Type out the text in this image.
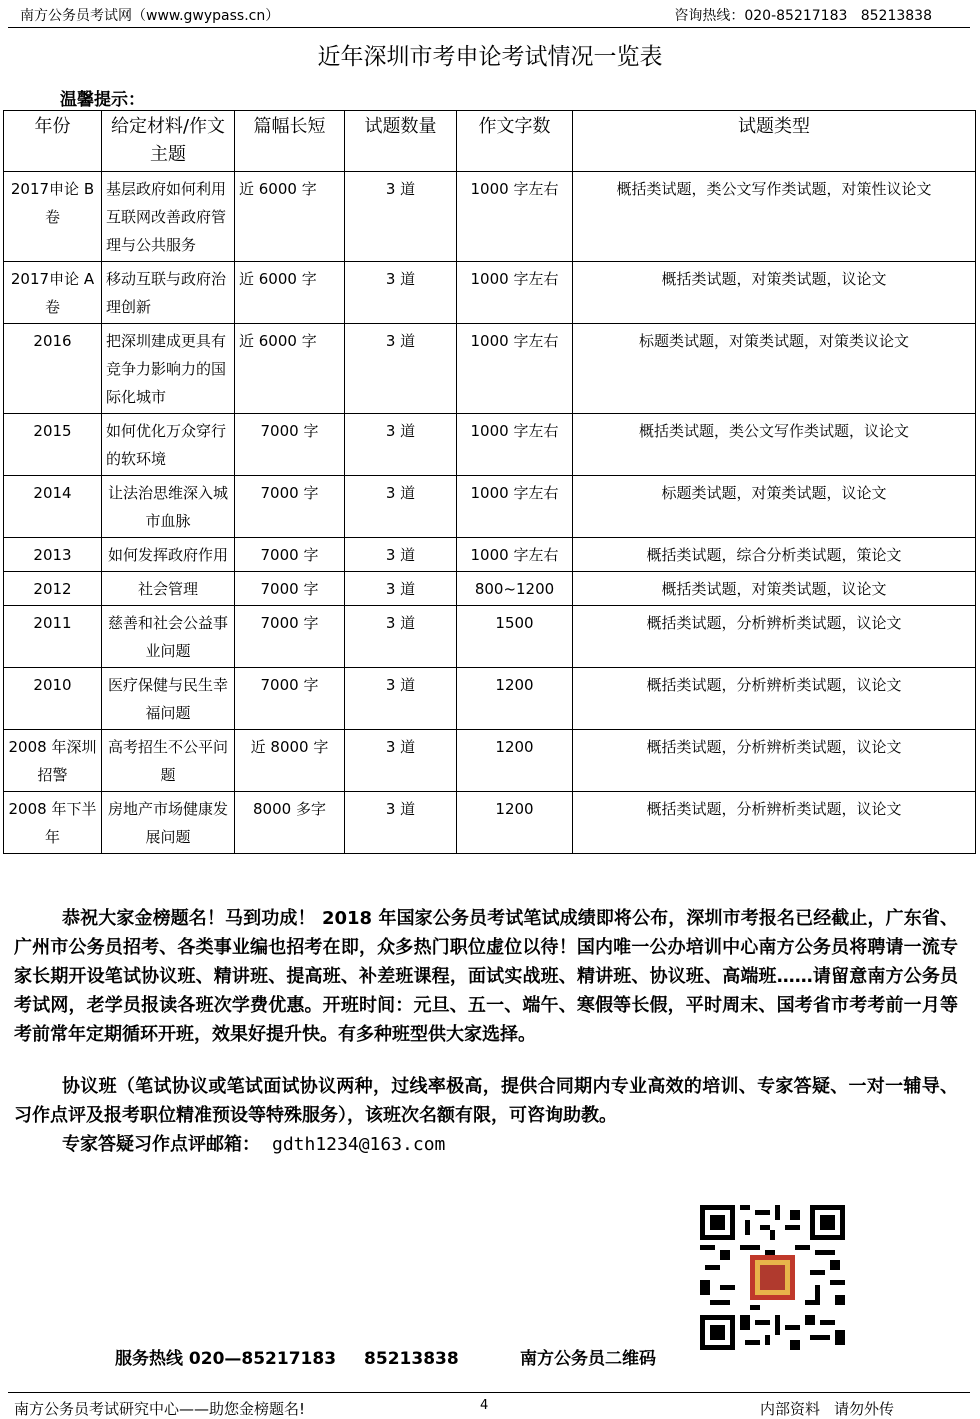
南方公务员考试网（www.gwypass.cn）	咨询热线：020-85217183   85213838
近年深圳市考申论考试情况一览表
温馨提示：
年份	给定材料/作文主题	篇幅长短	试题数量	作文字数	试题类型
2017申论 B 卷	基层政府如何利用互联网改善政府管理与公共服务	近 6000 字	3 道	1000 字左右	概括类试题，类公文写作类试题，对策性议论文
2017申论 A 卷	移动互联与政府治理创新	近 6000 字	3 道	1000 字左右	概括类试题，对策类试题，议论文
2016	把深圳建成更具有竞争力影响力的国际化城市	近 6000 字	3 道	1000 字左右	标题类试题，对策类试题，对策类议论文
2015	如何优化万众穿行的软环境	7000 字	3 道	1000 字左右	概括类试题，类公文写作类试题，议论文
2014	让法治思维深入城市血脉	7000 字	3 道	1000 字左右	标题类试题，对策类试题，议论文
2013	如何发挥政府作用	7000 字	3 道	1000 字左右	概括类试题，综合分析类试题，策论文
2012	社会管理	7000 字	3 道	800~1200	概括类试题，对策类试题，议论文
2011	慈善和社会公益事业问题	7000 字	3 道	1500	概括类试题，分析辨析类试题，议论文
2010	医疗保健与民生幸福问题	7000 字	3 道	1200	概括类试题，分析辨析类试题，议论文
2008 年深圳招警	高考招生不公平问题	近 8000 字	3 道	1200	概括类试题，分析辨析类试题，议论文
2008 年下半年	房地产市场健康发展问题	8000 多字	3 道	1200	概括类试题，分析辨析类试题，议论文
恭祝大家金榜题名！马到功成！ 2018 年国家公务员考试笔试成绩即将公布，深圳市考报名已经截止，广东省、广州市公务员招考、各类事业编也招考在即，众多热门职位虚位以待！国内唯一公办培训中心南方公务员将聘请一流专家长期开设笔试协议班、精讲班、提高班、补差班课程，面试实战班、精讲班、协议班、高端班……请留意南方公务员考试网，老学员报读各班次学费优惠。开班时间：元旦、五一、端午、寒假等长假，平时周末、国考省市考考前一月等考前常年定期循环开班，效果好提升快。有多种班型供大家选择。
协议班（笔试协议或笔试面试协议两种，过线率极高，提供合同期内专业高效的培训、专家答疑、一对一辅导、习作点评及报考职位精准预设等特殊服务），该班次名额有限，可咨询助教。
专家答疑习作点评邮箱： gdth1234@163.com
服务热线 020—85217183 85213838	南方公务员二维码
南方公务员考试研究中心——助您金榜题名!	4	内部资料 请勿外传
